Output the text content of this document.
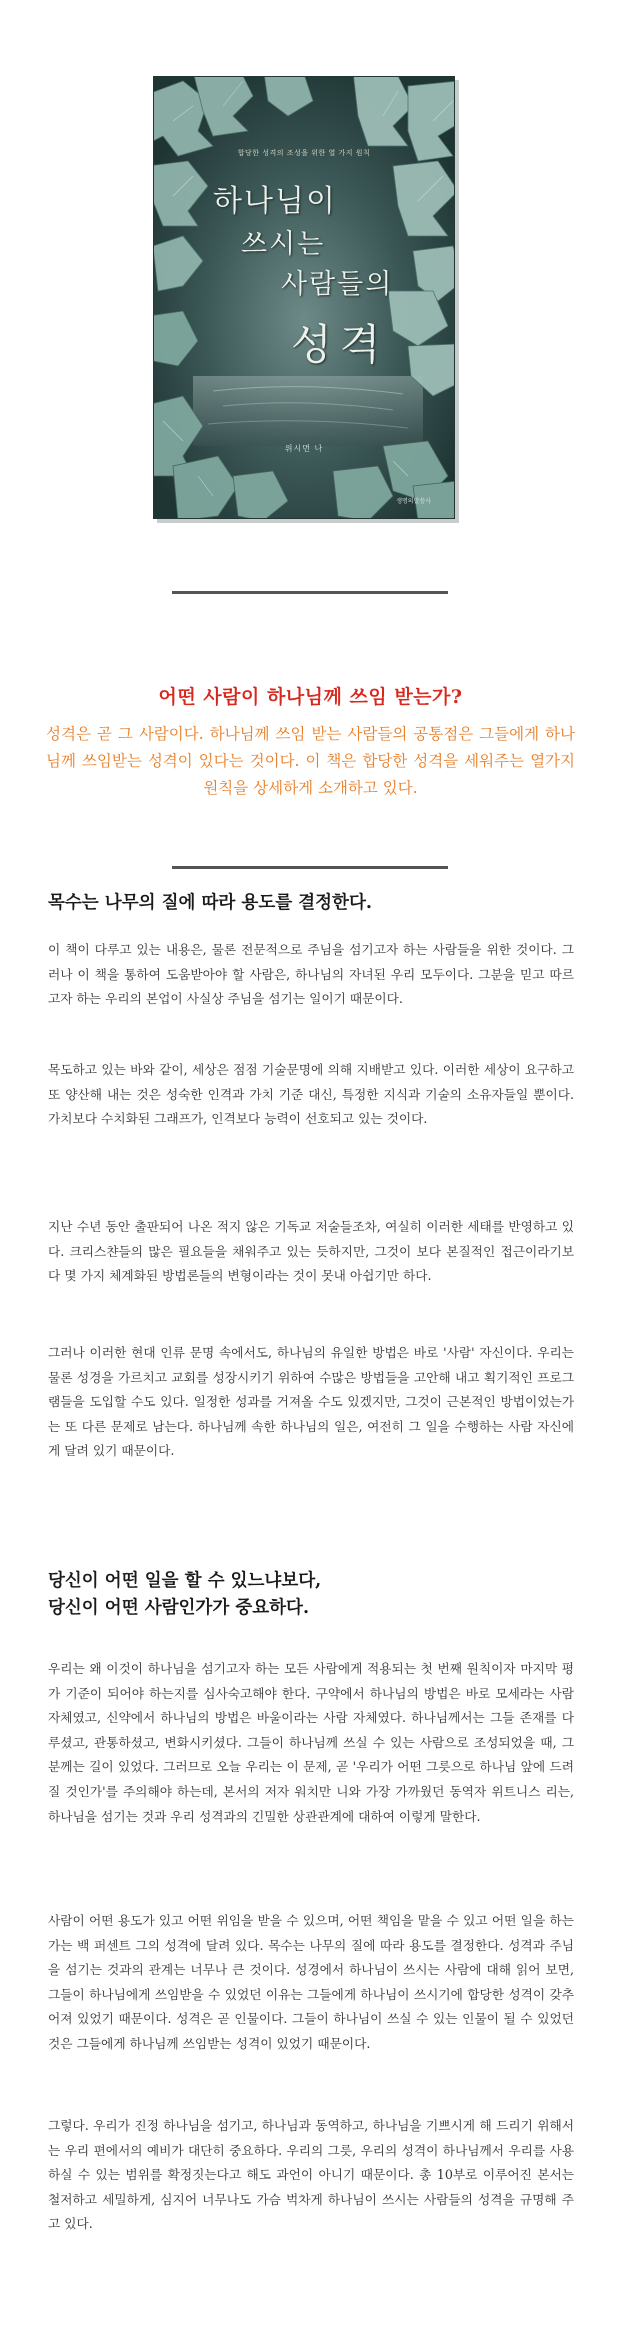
합당한 성격의 조성을 위한 열 가지 원칙
하나님이
쓰시는
사람들의
성격
위시먼 나
생명의말씀사
어떤 사람이 하나님께 쓰임 받는가?

성격은 곧 그 사람이다. 하나님께 쓰임 받는 사람들의 공통점은 그들에게 하나님께 쓰임받는 성격이 있다는 것이다. 이 책은 합당한 성격을 세워주는 열가지 원칙을 상세하게 소개하고 있다.

목수는 나무의 질에 따라 용도를 결정한다.

이 책이 다루고 있는 내용은, 물론 전문적으로 주님을 섬기고자 하는 사람들을 위한 것이다. 그러나 이 책을 통하여 도움받아야 할 사람은, 하나님의 자녀된 우리 모두이다. 그분을 믿고 따르고자 하는 우리의 본업이 사실상 주님을 섬기는 일이기 때문이다.

목도하고 있는 바와 같이, 세상은 점점 기술문명에 의해 지배받고 있다. 이러한 세상이 요구하고 또 양산해 내는 것은 성숙한 인격과 가치 기준 대신, 특정한 지식과 기술의 소유자들일 뿐이다. 가치보다 수치화된 그래프가, 인격보다 능력이 선호되고 있는 것이다.

지난 수년 동안 출판되어 나온 적지 않은 기독교 저술들조차, 여실히 이러한 세태를 반영하고 있다. 크리스챤들의 많은 필요들을 채워주고 있는 듯하지만, 그것이 보다 본질적인 접근이라기보다 몇 가지 체계화된 방법론들의 변형이라는 것이 못내 아쉽기만 하다.

그러나 이러한 현대 인류 문명 속에서도, 하나님의 유일한 방법은 바로 '사람' 자신이다. 우리는 물론 성경을 가르치고 교회를 성장시키기 위하여 수많은 방법들을 고안해 내고 획기적인 프로그램들을 도입할 수도 있다. 일정한 성과를 거져올 수도 있겠지만, 그것이 근본적인 방법이었는가는 또 다른 문제로 남는다. 하나님께 속한 하나님의 일은, 여전히 그 일을 수행하는 사람 자신에게 달려 있기 때문이다.

당신이 어떤 일을 할 수 있느냐보다,
당신이 어떤 사람인가가 중요하다.

우리는 왜 이것이 하나님을 섬기고자 하는 모든 사람에게 적용되는 첫 번째 원칙이자 마지막 평가 기준이 되어야 하는지를 심사숙고해야 한다. 구약에서 하나님의 방법은 바로 모세라는 사람 자체였고, 신약에서 하나님의 방법은 바울이라는 사람 자체였다. 하나님께서는 그들 존재를 다루셨고, 관통하셨고, 변화시키셨다. 그들이 하나님께 쓰실 수 있는 사람으로 조성되었을 때, 그분께는 길이 있었다. 그러므로 오늘 우리는 이 문제, 곧 '우리가 어떤 그릇으로 하나님 앞에 드려질 것인가'를 주의해야 하는데, 본서의 저자 워치만 니와 가장 가까웠던 동역자 위트니스 리는, 하나님을 섬기는 것과 우리 성격과의 긴밀한 상관관계에 대하여 이렇게 말한다.

사람이 어떤 용도가 있고 어떤 위임을 받을 수 있으며, 어떤 책임을 맡을 수 있고 어떤 일을 하는가는 백 퍼센트 그의 성격에 달려 있다. 목수는 나무의 질에 따라 용도를 결정한다. 성격과 주님을 섬기는 것과의 관계는 너무나 큰 것이다. 성경에서 하나님이 쓰시는 사람에 대해 읽어 보면, 그들이 하나님에게 쓰임받을 수 있었던 이유는 그들에게 하나님이 쓰시기에 합당한 성격이 갖추어져 있었기 때문이다. 성격은 곧 인물이다. 그들이 하나님이 쓰실 수 있는 인물이 될 수 있었던 것은 그들에게 하나님께 쓰임받는 성격이 있었기 때문이다.

그렇다. 우리가 진정 하나님을 섬기고, 하나님과 동역하고, 하나님을 기쁘시게 해 드리기 위해서는 우리 편에서의 예비가 대단히 중요하다. 우리의 그릇, 우리의 성격이 하나님께서 우리를 사용하실 수 있는 범위를 확정짓는다고 해도 과언이 아니기 때문이다. 총 10부로 이루어진 본서는 철저하고 세밀하게, 심지어 너무나도 가슴 벅차게 하나님이 쓰시는 사람들의 성격을 규명해 주고 있다.
